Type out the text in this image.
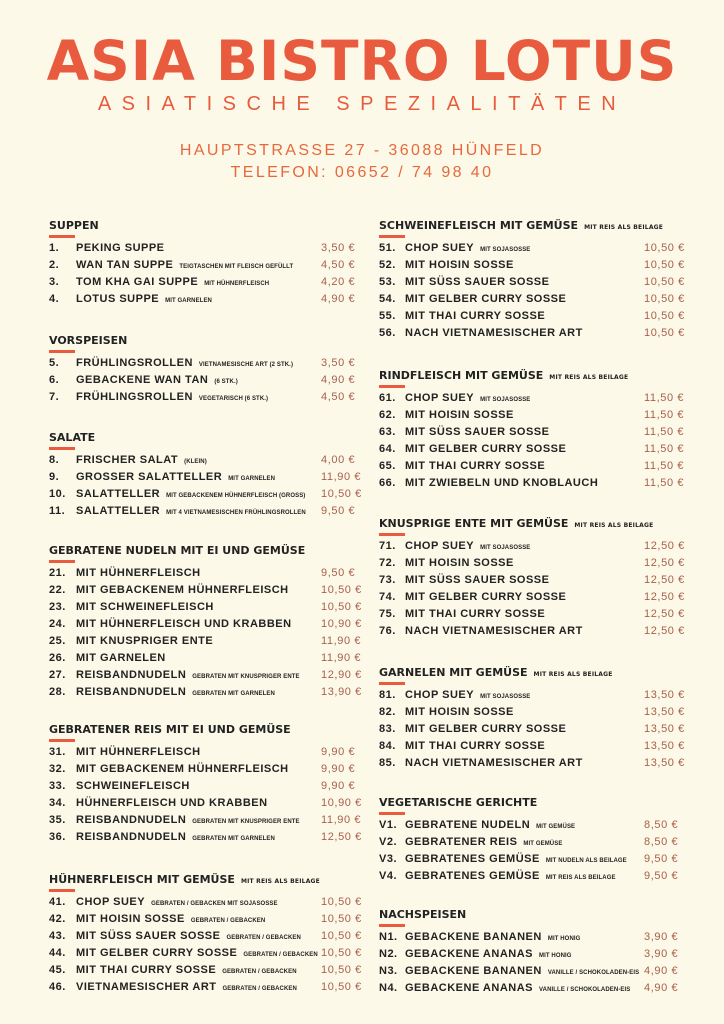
ASIA BISTRO LOTUS
ASIATISCHE SPEZIALITÄTEN
HAUPTSTRASSE 27 - 36088 HÜNFELD
TELEFON: 06652 / 74 98 40
SUPPEN
1. PEKING SUPPE	3,50 €
2. WAN TAN SUPPE TEIGTASCHEN MIT FLEISCH GEFÜLLT	4,50 €
3. TOM KHA GAI SUPPE MIT HÜHNERFLEISCH	4,20 €
4. LOTUS SUPPE MIT GARNELEN	4,90 €
VORSPEISEN
5. FRÜHLINGSROLLEN VIETNAMESISCHE ART (2 STK.)	3,50 €
6. GEBACKENE WAN TAN (6 STK.)	4,90 €
7. FRÜHLINGSROLLEN VEGETARISCH (6 STK.)	4,50 €
SALATE
8. FRISCHER SALAT (KLEIN)	4,00 €
9. GROSSER SALATTELLER MIT GARNELEN	11,90 €
10. SALATTELLER MIT GEBACKENEM HÜHNERFLEISCH (GROSS) 10,50 €
11. SALATTELLER MIT 4 VIETNAMESISCHEN FRÜHLINGSROLLEN 9,50 €
GEBRATENE NUDELN MIT EI UND GEMÜSE
21. MIT HÜHNERFLEISCH	9,50 €
22. MIT GEBACKENEM HÜHNERFLEISCH	10,50 €
23. MIT SCHWEINEFLEISCH	10,50 €
24. MIT HÜHNERFLEISCH UND KRABBEN	10,90 €
25. MIT KNUSPRIGER ENTE	11,90 €
26. MIT GARNELEN	11,90 €
27. REISBANDNUDELN GEBRATEN MIT KNUSPRIGER ENTE 12,90 €
28. REISBANDNUDELN GEBRATEN MIT GARNELEN	13,90 €
GEBRATENER REIS MIT EI UND GEMÜSE
31. MIT HÜHNERFLEISCH	9,90 €
32. MIT GEBACKENEM HÜHNERFLEISCH	9,90 €
33. SCHWEINEFLEISCH	9,90 €
34. HÜHNERFLEISCH UND KRABBEN	10,90 €
35. REISBANDNUDELN GEBRATEN MIT KNUSPRIGER ENTE 11,90 €
36. REISBANDNUDELN GEBRATEN MIT GARNELEN	12,50 €
HÜHNERFLEISCH MIT GEMÜSE MIT REIS ALS BEILAGE
41. CHOP SUEY GEBRATEN / GEBACKEN MIT SOJASOSSE	10,50 €
42. MIT HOISIN SOSSE GEBRATEN / GEBACKEN	10,50 €
43. MIT SÜSS SAUER SOSSE GEBRATEN / GEBACKEN 10,50 €
44. MIT GELBER CURRY SOSSE GEBRATEN / GEBACKEN 10,50 €
45. MIT THAI CURRY SOSSE GEBRATEN / GEBACKEN 10,50 €
46. VIETNAMESISCHER ART GEBRATEN / GEBACKEN 10,50 €
SCHWEINEFLEISCH MIT GEMÜSE MIT REIS ALS BEILAGE
51. CHOP SUEY MIT SOJASOSSE	10,50 €
52. MIT HOISIN SOSSE	10,50 €
53. MIT SÜSS SAUER SOSSE	10,50 €
54. MIT GELBER CURRY SOSSE	10,50 €
55. MIT THAI CURRY SOSSE	10,50 €
56. NACH VIETNAMESISCHER ART	10,50 €
RINDFLEISCH MIT GEMÜSE MIT REIS ALS BEILAGE
61. CHOP SUEY MIT SOJASOSSE	11,50 €
62. MIT HOISIN SOSSE	11,50 €
63. MIT SÜSS SAUER SOSSE	11,50 €
64. MIT GELBER CURRY SOSSE	11,50 €
65. MIT THAI CURRY SOSSE	11,50 €
66. MIT ZWIEBELN UND KNOBLAUCH	11,50 €
KNUSPRIGE ENTE MIT GEMÜSE MIT REIS ALS BEILAGE
71. CHOP SUEY MIT SOJASOSSE	12,50 €
72. MIT HOISIN SOSSE	12,50 €
73. MIT SÜSS SAUER SOSSE	12,50 €
74. MIT GELBER CURRY SOSSE	12,50 €
75. MIT THAI CURRY SOSSE	12,50 €
76. NACH VIETNAMESISCHER ART	12,50 €
GARNELEN MIT GEMÜSE MIT REIS ALS BEILAGE
81. CHOP SUEY MIT SOJASOSSE	13,50 €
82. MIT HOISIN SOSSE	13,50 €
83. MIT GELBER CURRY SOSSE	13,50 €
84. MIT THAI CURRY SOSSE	13,50 €
85. NACH VIETNAMESISCHER ART	13,50 €
VEGETARISCHE GERICHTE
V1. GEBRATENE NUDELN MIT GEMÜSE	8,50 €
V2. GEBRATENER REIS MIT GEMÜSE	8,50 €
V3. GEBRATENES GEMÜSE MIT NUDELN ALS BEILAGE 9,50 €
V4. GEBRATENES GEMÜSE MIT REIS ALS BEILAGE	9,50 €
NACHSPEISEN
N1. GEBACKENE BANANEN MIT HONIG	3,90 €
N2. GEBACKENE ANANAS MIT HONIG	3,90 €
N3. GEBACKENE BANANEN VANILLE / SCHOKOLADEN-EIS 4,90 €
N4. GEBACKENE ANANAS VANILLE / SCHOKOLADEN-EIS 4,90 €
